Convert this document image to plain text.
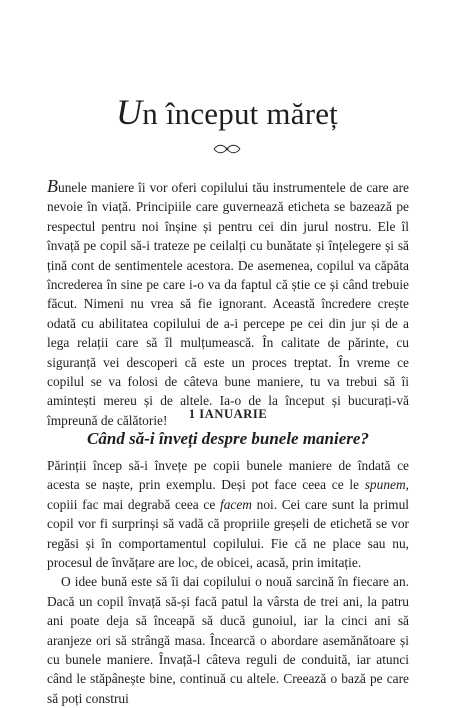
Un început măreț

Bunele maniere îi vor oferi copilului tău instrumentele de care are nevoie în viață. Principiile care guvernează eticheta se bazează pe respectul pentru noi înșine și pentru cei din jurul nostru. Ele îl învață pe copil să-i trateze pe ceilalți cu bunătate și înțelegere și să țină cont de sentimentele acestora. De asemenea, copilul va căpăta încrederea în sine pe care i-o va da faptul că știe ce și când trebuie făcut. Nimeni nu vrea să fie ignorant. Această încredere crește odată cu abilitatea copilului de a-i percepe pe cei din jur și de a lega relații care să îl mulțumească. În calitate de părinte, cu siguranță vei descoperi că este un proces treptat. În vreme ce copilul se va folosi de câteva bune maniere, tu va trebui să îi amintești mereu și de altele. Ia-o de la început și bucurați-vă împreună de călătorie!	1 IANUARIE
Când să-i înveți despre bunele maniere?

Părinții încep să-i învețe pe copii bunele maniere de îndată ce acesta se naște, prin exemplu. Deși pot face ceea ce le spunem, copiii fac mai degrabă ceea ce facem noi. Cei care sunt la primul copil vor fi surprinși să vadă că propriile greșeli de etichetă se vor regăsi și în comportamentul copilului. Fie că ne place sau nu, procesul de învățare are loc, de obicei, acasă, prin imitație.

O idee bună este să îi dai copilului o nouă sarcină în fiecare an. Dacă un copil învață să-și facă patul la vârsta de trei ani, la patru ani poate deja să înceapă să ducă gunoiul, iar la cinci ani să aranjeze ori să strângă masa. Încearcă o abordare asemănătoare și cu bunele maniere. Învață-l câteva reguli de conduită, iar atunci când le stăpânește bine, continuă cu altele. Creează o bază pe care să poți construi
